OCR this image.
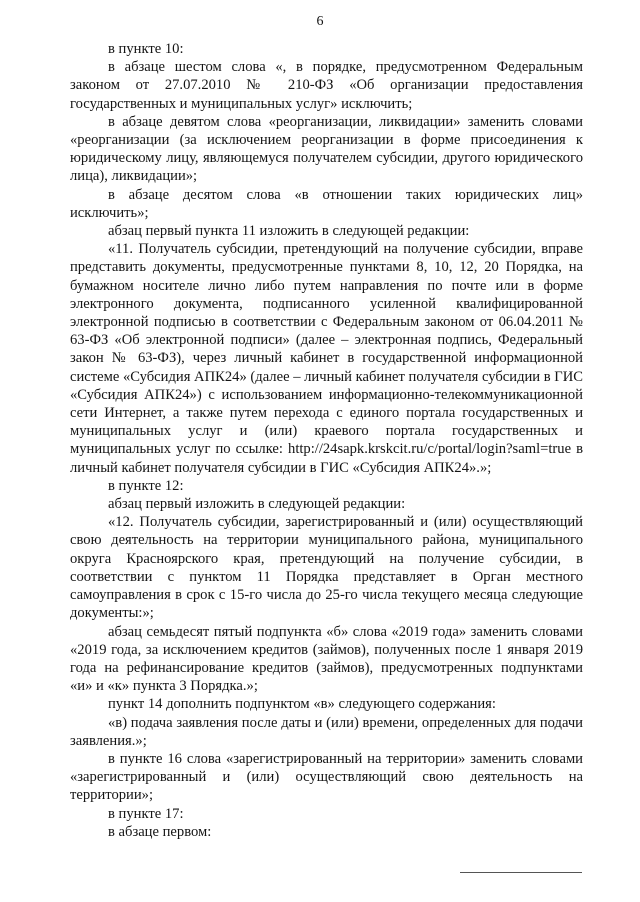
6

в пункте 10:

в абзаце шестом слова «, в порядке, предусмотренном Федеральным законом от 27.07.2010 № 210-ФЗ «Об организации предоставления государственных и муниципальных услуг» исключить;

в абзаце девятом слова «реорганизации, ликвидации» заменить словами «реорганизации (за исключением реорганизации в форме присоединения к юридическому лицу, являющемуся получателем субсидии, другого юридического лица), ликвидации»;

в абзаце десятом слова «в отношении таких юридических лиц» исключить»;

абзац первый пункта 11 изложить в следующей редакции:

«11. Получатель субсидии, претендующий на получение субсидии, вправе представить документы, предусмотренные пунктами 8, 10, 12, 20 Порядка, на бумажном носителе лично либо путем направления по почте или в форме электронного документа, подписанного усиленной квалифицированной электронной подписью в соответствии с Федеральным законом от 06.04.2011 № 63-ФЗ «Об электронной подписи» (далее – электронная подпись, Федеральный закон № 63-ФЗ), через личный кабинет в государственной информационной системе «Субсидия АПК24» (далее – личный кабинет получателя субсидии в ГИС «Субсидия АПК24») с использованием информационно-телекоммуникационной сети Интернет, а также путем перехода с единого портала государственных и муниципальных услуг и (или) краевого портала государственных и муниципальных услуг по ссылке: http://24sapk.krskcit.ru/c/portal/login?saml=true в личный кабинет получателя субсидии в ГИС «Субсидия АПК24».»;

в пункте 12:

абзац первый изложить в следующей редакции:

«12. Получатель субсидии, зарегистрированный и (или) осуществляющий свою деятельность на территории муниципального района, муниципального округа Красноярского края, претендующий на получение субсидии, в соответствии с пунктом 11 Порядка представляет в Орган местного самоуправления в срок с 15-го числа до 25-го числа текущего месяца следующие документы:»;

абзац семьдесят пятый подпункта «б» слова «2019 года» заменить словами «2019 года, за исключением кредитов (займов), полученных после 1 января 2019 года на рефинансирование кредитов (займов), предусмотренных подпунктами «и» и «к» пункта 3 Порядка.»;

пункт 14 дополнить подпунктом «в» следующего содержания:

«в) подача заявления после даты и (или) времени, определенных для подачи заявления.»;

в пункте 16 слова «зарегистрированный на территории» заменить словами «зарегистрированный и (или) осуществляющий свою деятельность на территории»;

в пункте 17:

в абзаце первом:
